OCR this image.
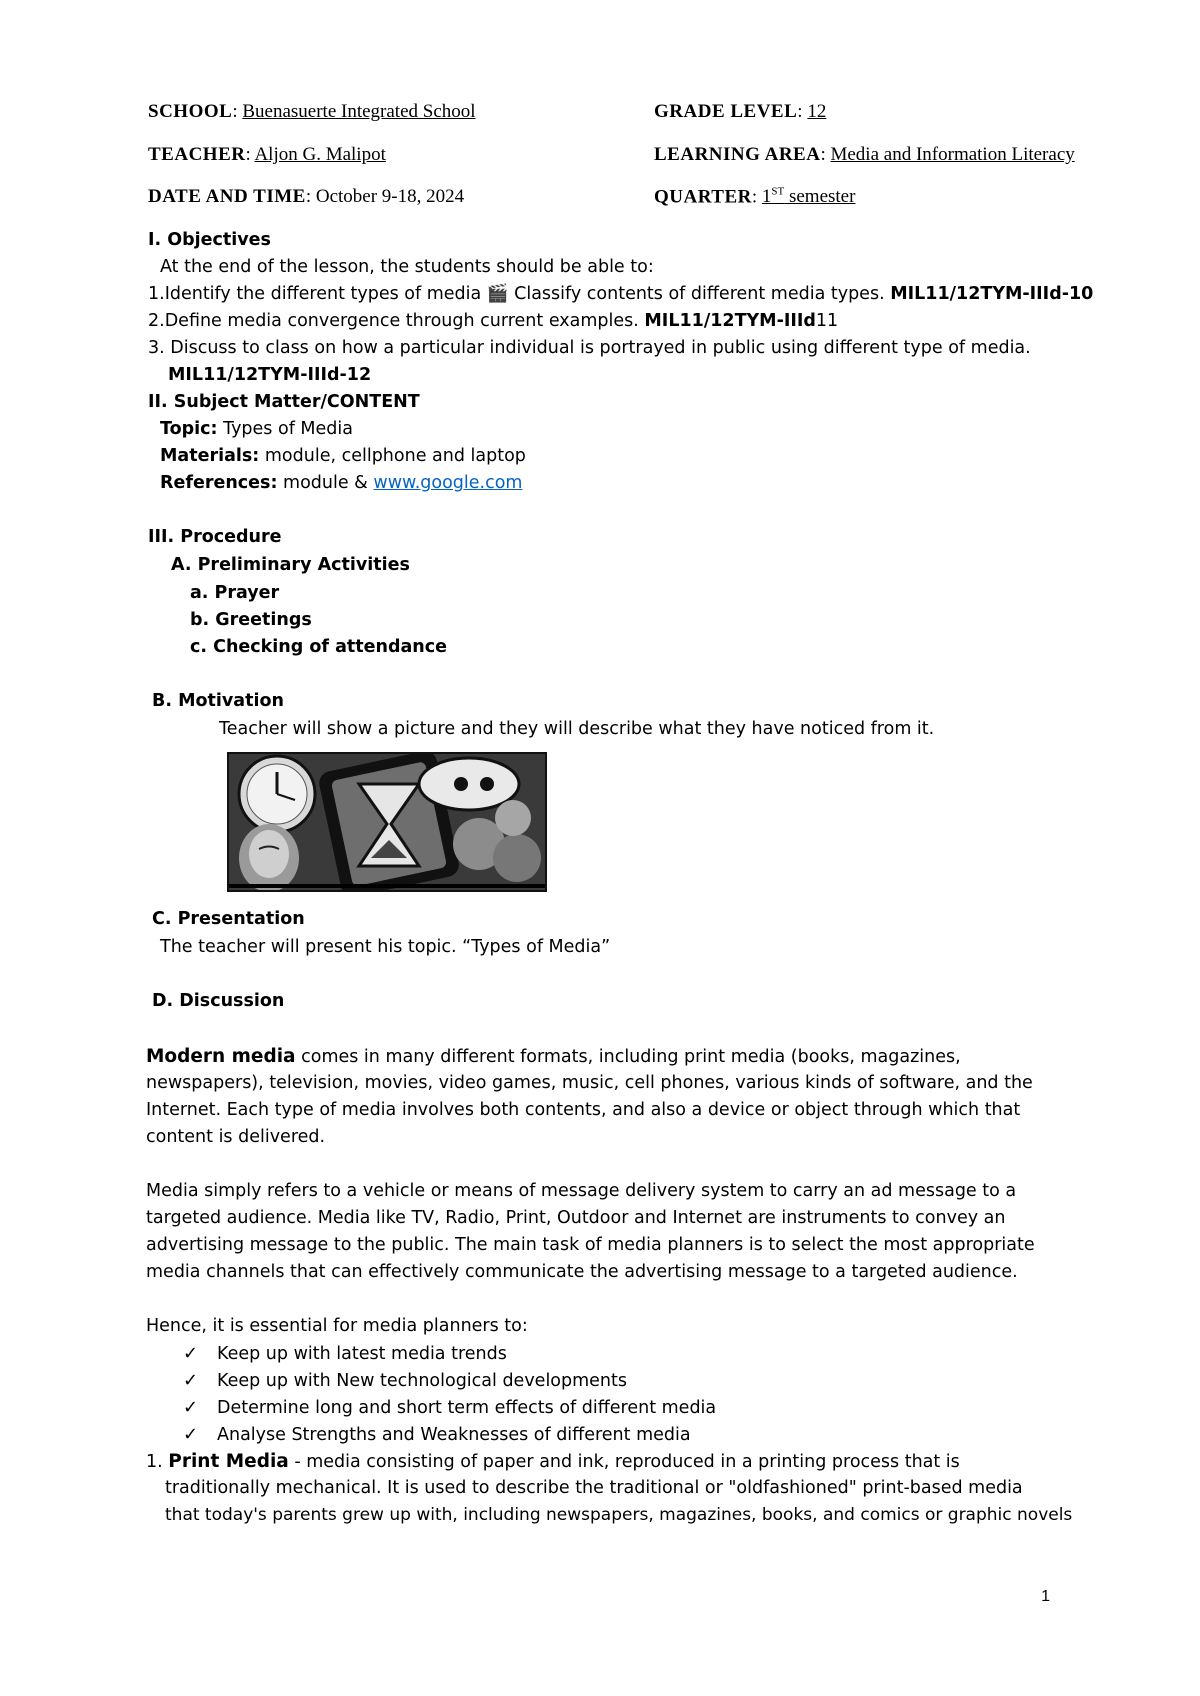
SCHOOL: Buenasuerte Integrated School	GRADE LEVEL: 12
TEACHER: Aljon G. Malipot	LEARNING AREA: Media and Information Literacy
DATE AND TIME: October 9-18, 2024	QUARTER: 1ST semester
I. Objectives
At the end of the lesson, the students should be able to:
1.Identify the different types of media 🎬 Classify contents of different media types. MIL11/12TYM-IIId-10
2.Define media convergence through current examples. MIL11/12TYM-IIId11
3. Discuss to class on how a particular individual is portrayed in public using different type of media.
MIL11/12TYM-IIId-12
II. Subject Matter/CONTENT
Topic: Types of Media
Materials: module, cellphone and laptop
References: module & www.google.com
III. Procedure
A. Preliminary Activities
a. Prayer
b. Greetings
c. Checking of attendance
B. Motivation
Teacher will show a picture and they will describe what they have noticed from it.
C. Presentation
The teacher will present his topic. “Types of Media”
D. Discussion
Modern media comes in many different formats, including print media (books, magazines,
newspapers), television, movies, video games, music, cell phones, various kinds of software, and the
Internet. Each type of media involves both contents, and also a device or object through which that
content is delivered.
Media simply refers to a vehicle or means of message delivery system to carry an ad message to a
targeted audience. Media like TV, Radio, Print, Outdoor and Internet are instruments to convey an
advertising message to the public. The main task of media planners is to select the most appropriate
media channels that can effectively communicate the advertising message to a targeted audience.
Hence, it is essential for media planners to:
✓ Keep up with latest media trends
✓ Keep up with New technological developments
✓ Determine long and short term effects of different media
✓ Analyse Strengths and Weaknesses of different media
1. Print Media - media consisting of paper and ink, reproduced in a printing process that is
traditionally mechanical. It is used to describe the traditional or "oldfashioned" print-based media
that today's parents grew up with, including newspapers, magazines, books, and comics or graphic novels
1
